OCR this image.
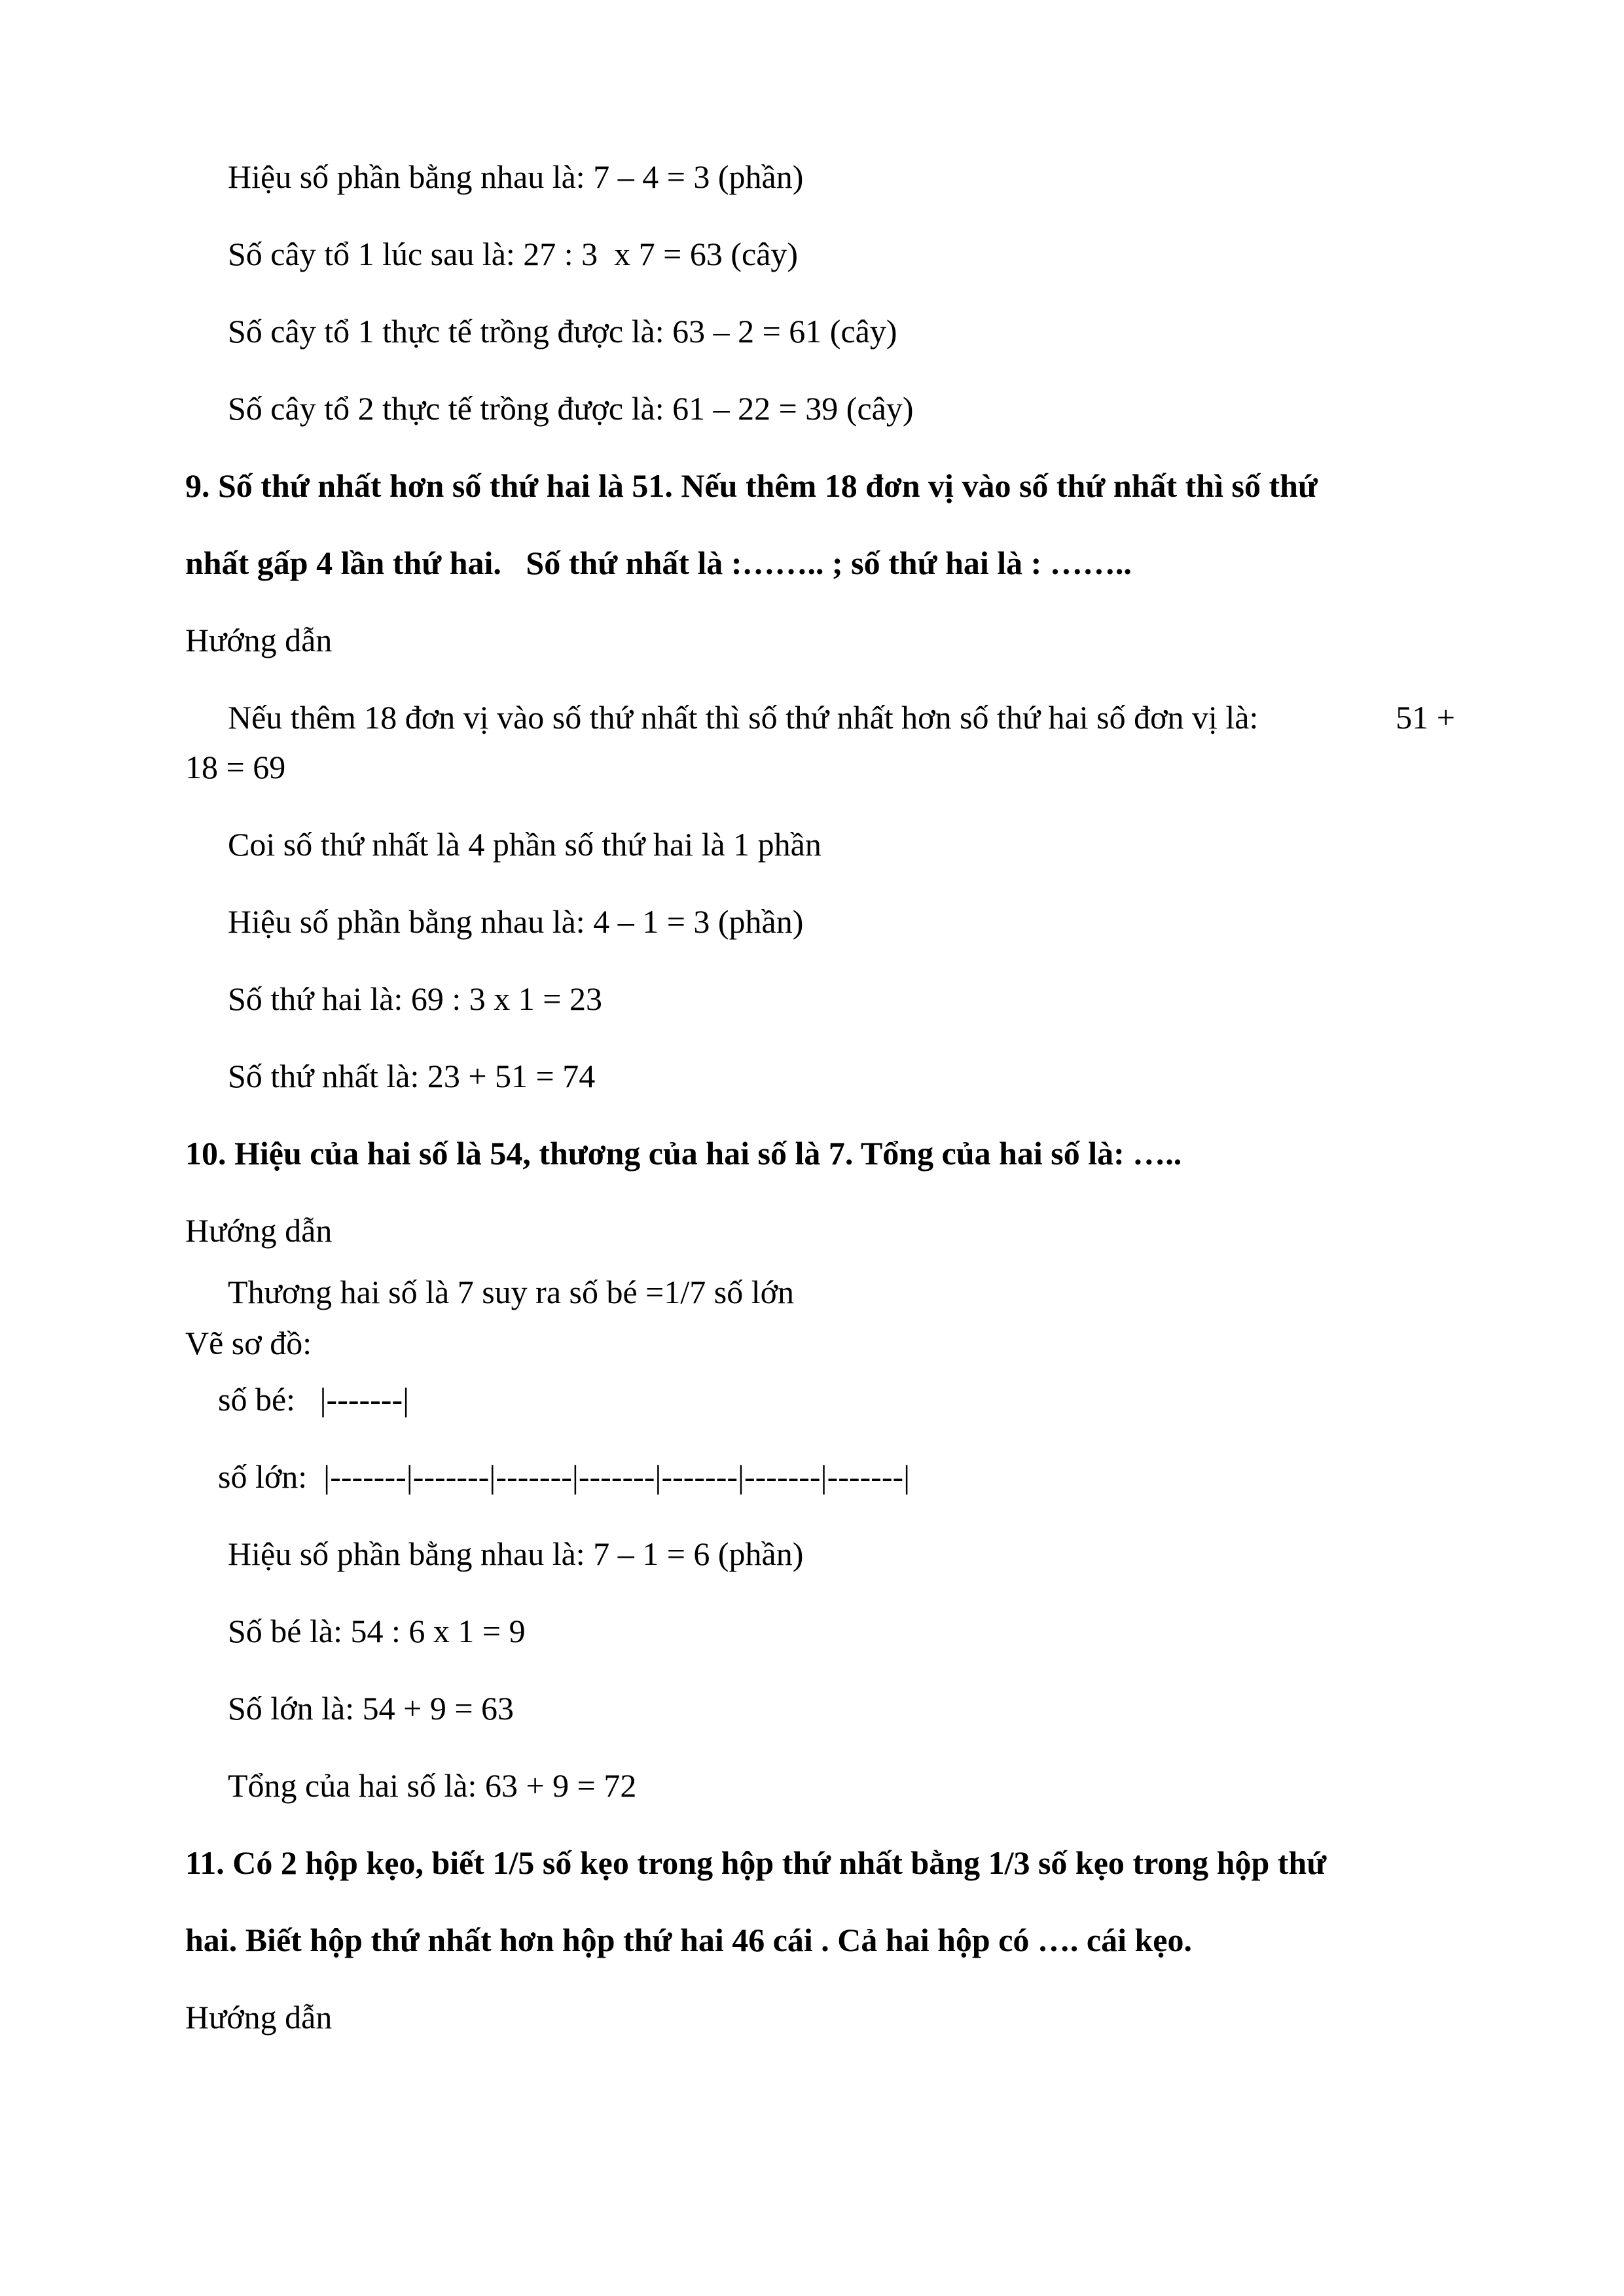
Hiệu số phần bằng nhau là: 7 – 4 = 3 (phần)

Số cây tổ 1 lúc sau là: 27 : 3  x 7 = 63 (cây)

Số cây tổ 1 thực tế trồng được là: 63 – 2 = 61 (cây)

Số cây tổ 2 thực tế trồng được là: 61 – 22 = 39 (cây)

9. Số thứ nhất hơn số thứ hai là 51. Nếu thêm 18 đơn vị vào số thứ nhất thì số thứ

nhất gấp 4 lần thứ hai.   Số thứ nhất là :…….. ; số thứ hai là : ……..

Hướng dẫn

Nếu thêm 18 đơn vị vào số thứ nhất thì số thứ nhất hơn số thứ hai số đơn vị là:	51 +

18 = 69

Coi số thứ nhất là 4 phần số thứ hai là 1 phần

Hiệu số phần bằng nhau là: 4 – 1 = 3 (phần)

Số thứ hai là: 69 : 3 x 1 = 23

Số thứ nhất là: 23 + 51 = 74

10. Hiệu của hai số là 54, thương của hai số là 7. Tổng của hai số là: …..

Hướng dẫn

Thương hai số là 7 suy ra số bé =1/7 số lớn

Vẽ sơ đồ:

số bé:   |-------|

số lớn:  |-------|-------|-------|-------|-------|-------|-------|

Hiệu số phần bằng nhau là: 7 – 1 = 6 (phần)

Số bé là: 54 : 6 x 1 = 9

Số lớn là: 54 + 9 = 63

Tổng của hai số là: 63 + 9 = 72

11. Có 2 hộp kẹo, biết 1/5 số kẹo trong hộp thứ nhất bằng 1/3 số kẹo trong hộp thứ

hai. Biết hộp thứ nhất hơn hộp thứ hai 46 cái . Cả hai hộp có …. cái kẹo.

Hướng dẫn
